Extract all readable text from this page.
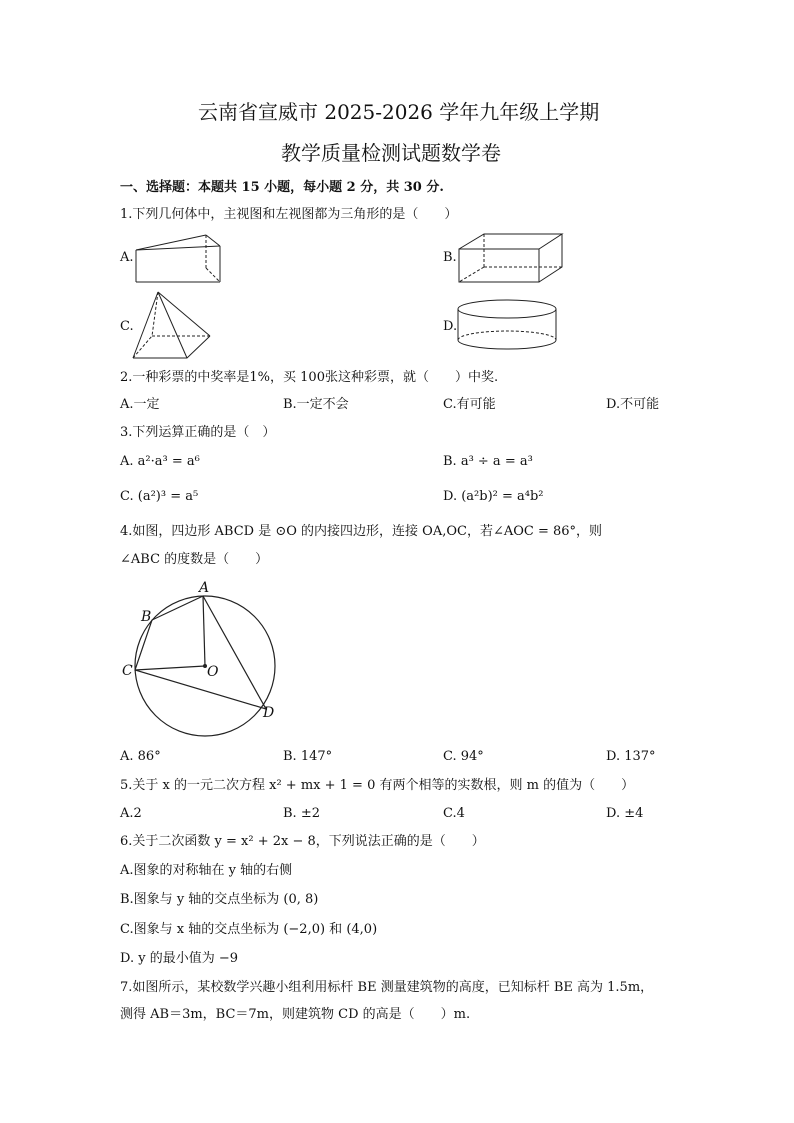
云南省宣威市 2025-2026 学年九年级上学期
教学质量检测试题数学卷
一、选择题：本题共 15 小题，每小题 2 分，共 30 分.
1.下列几何体中，主视图和左视图都为三角形的是（　　）
A.	B.
C.	D.
2.一种彩票的中奖率是1%，买 100张这种彩票，就（　　）中奖.
A.一定	B.一定不会	C.有可能	D.不可能
3.下列运算正确的是（　）
A. a²·a³ = a⁶	B. a³ ÷ a = a³
C. (a²)³ = a⁵	D. (a²b)² = a⁴b²
4.如图，四边形 ABCD 是 ⊙O 的内接四边形，连接 OA,OC，若∠AOC = 86°，则
∠ABC 的度数是（　　）
A
B
C	O
D
A. 86°	B. 147°	C. 94°	D. 137°
5.关于 x 的一元二次方程 x² + mx + 1 = 0 有两个相等的实数根，则 m 的值为（　　）
A.2	B. ±2	C.4	D. ±4
6.关于二次函数 y = x² + 2x − 8，下列说法正确的是（　　）
A.图象的对称轴在 y 轴的右侧
B.图象与 y 轴的交点坐标为 (0, 8)
C.图象与 x 轴的交点坐标为 (−2,0) 和 (4,0)
D. y 的最小值为 −9
7.如图所示，某校数学兴趣小组利用标杆 BE 测量建筑物的高度，已知标杆 BE 高为 1.5m，
测得 AB＝3m，BC＝7m，则建筑物 CD 的高是（　　）m.
